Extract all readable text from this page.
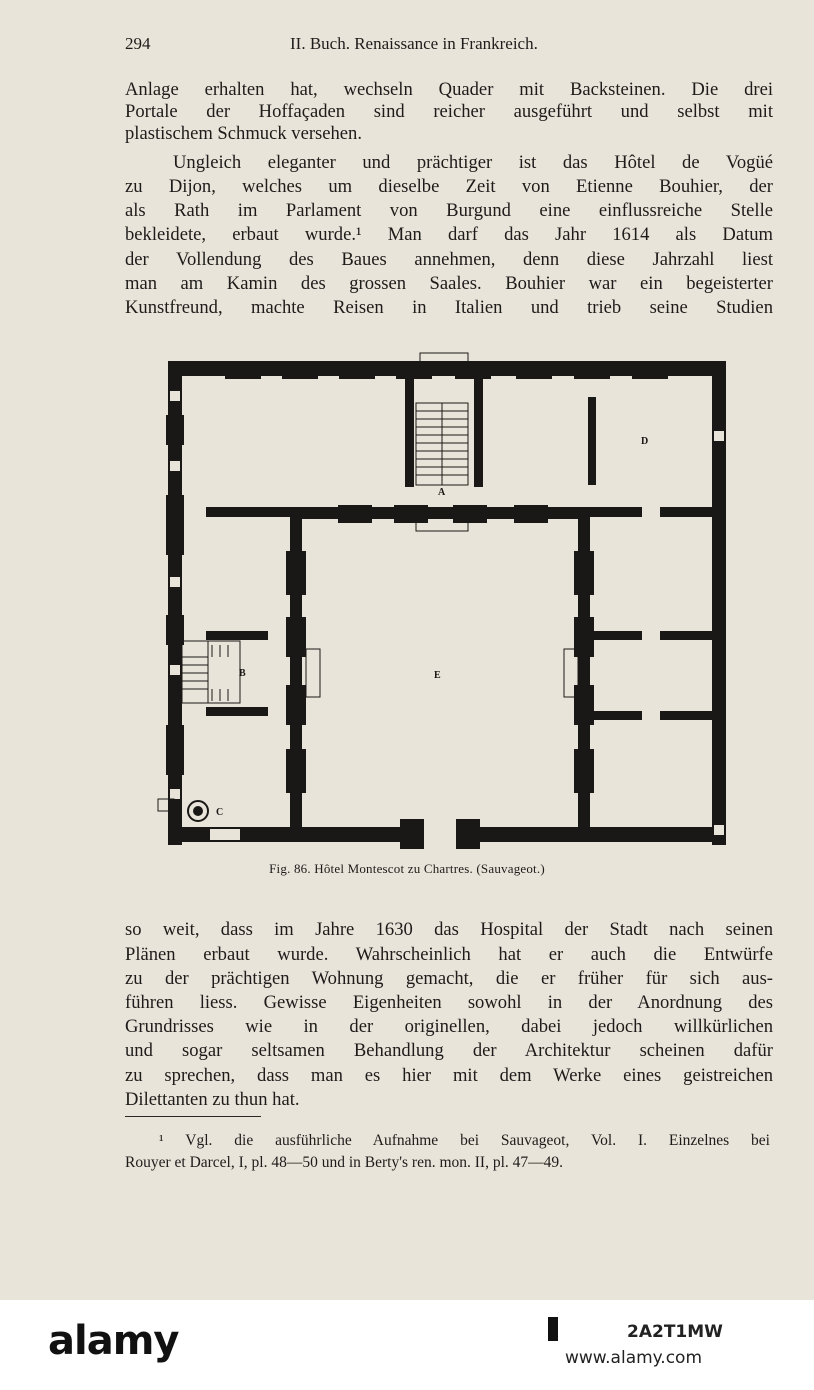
294	II. Buch. Renaissance in Frankreich.
Anlage erhalten hat, wechseln Quader mit Backsteinen. Die drei
Portale der Hoffaçaden sind reicher ausgeführt und selbst mit
plastischem Schmuck versehen.
Ungleich eleganter und prächtiger ist das Hôtel de Vogüé
zu Dijon, welches um dieselbe Zeit von Etienne Bouhier, der
als Rath im Parlament von Burgund eine einflussreiche Stelle
bekleidete, erbaut wurde.¹ Man darf das Jahr 1614 als Datum
der Vollendung des Baues annehmen, denn diese Jahrzahl liest
man am Kamin des grossen Saales. Bouhier war ein begeisterter
Kunstfreund, machte Reisen in Italien und trieb seine Studien
A
B
C
D
E
Fig. 86. Hôtel Montescot zu Chartres. (Sauvageot.)
so weit, dass im Jahre 1630 das Hospital der Stadt nach seinen
Plänen erbaut wurde. Wahrscheinlich hat er auch die Entwürfe
zu der prächtigen Wohnung gemacht, die er früher für sich aus-
führen liess. Gewisse Eigenheiten sowohl in der Anordnung des
Grundrisses wie in der originellen, dabei jedoch willkürlichen
und sogar seltsamen Behandlung der Architektur scheinen dafür
zu sprechen, dass man es hier mit dem Werke eines geistreichen
Dilettanten zu thun hat.
¹ Vgl. die ausführliche Aufnahme bei Sauvageot, Vol. I. Einzelnes bei
Rouyer et Darcel, I, pl. 48—50 und in Berty's ren. mon. II, pl. 47—49.
alamy	2A2T1MW
www.alamy.com
